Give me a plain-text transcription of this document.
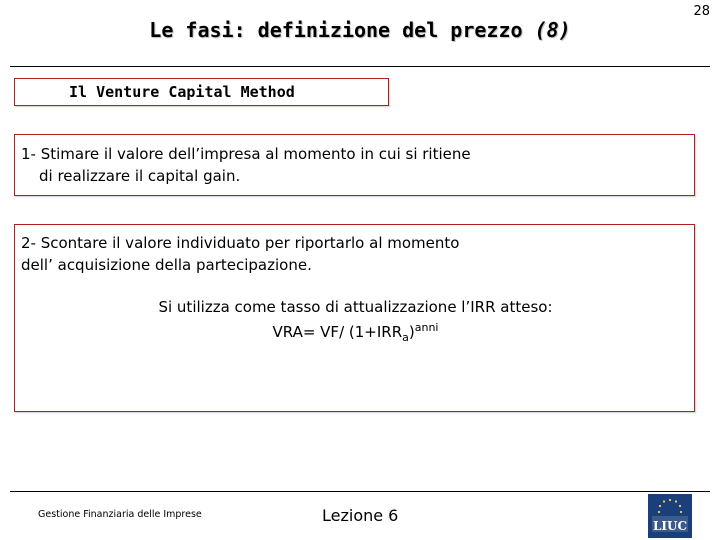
Le fasi: definizione del prezzo (8)
28
Il Venture Capital Method
1- Stimare il valore dell’impresa al momento in cui si ritiene
di realizzare il capital gain.
2- Scontare il valore individuato per riportarlo al momento
dell’ acquisizione della partecipazione.
Si utilizza come tasso di attualizzazione l’IRR atteso:
VRA= VF/ $(1+IRR_a)^{anni}$
Gestione Finanziaria delle Imprese	Lezione 6
LIUC
